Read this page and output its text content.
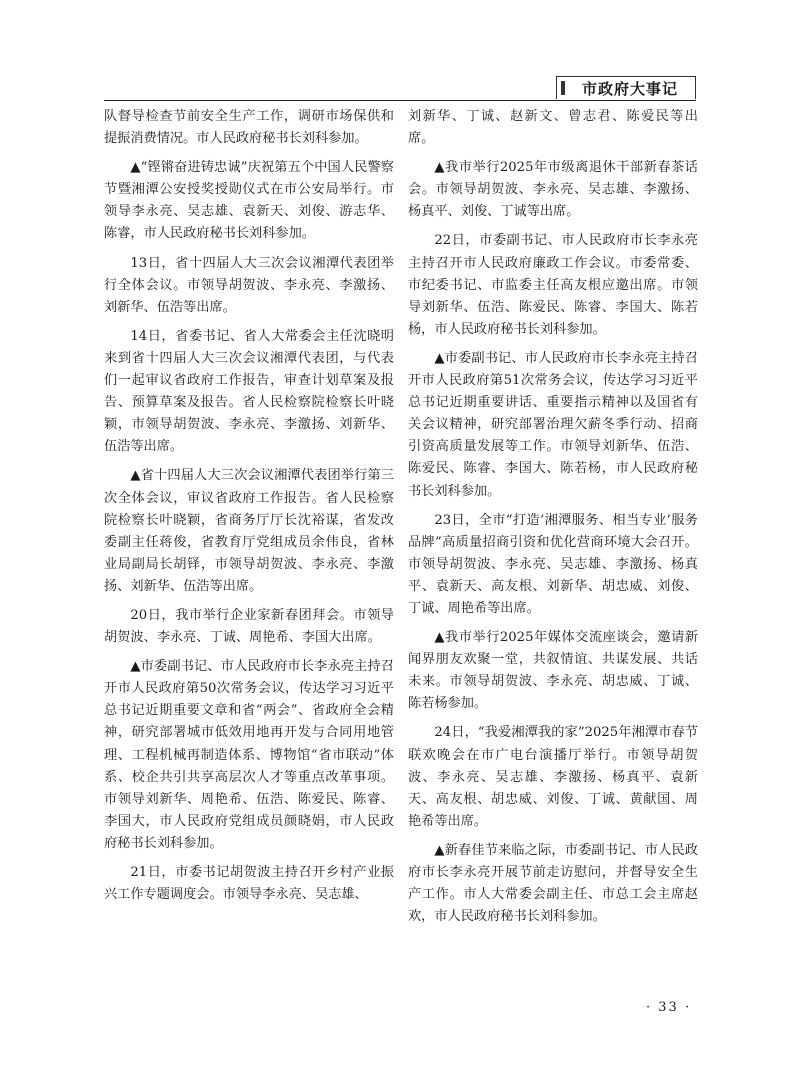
市政府大事记

队督导检查节前安全生产工作，调研市场保供和提振消费情况。市人民政府秘书长刘科参加。

▲“铿锵奋进铸忠诚”庆祝第五个中国人民警察节暨湘潭公安授奖授勋仪式在市公安局举行。市领导李永亮、吴志雄、袁新天、刘俊、游志华、陈睿，市人民政府秘书长刘科参加。

13日，省十四届人大三次会议湘潭代表团举行全体会议。市领导胡贺波、李永亮、李激扬、刘新华、伍浩等出席。

14日，省委书记、省人大常委会主任沈晓明来到省十四届人大三次会议湘潭代表团，与代表们一起审议省政府工作报告，审查计划草案及报告、预算草案及报告。省人民检察院检察长叶晓颖，市领导胡贺波、李永亮、李激扬、刘新华、伍浩等出席。

▲省十四届人大三次会议湘潭代表团举行第三次全体会议，审议省政府工作报告。省人民检察院检察长叶晓颖，省商务厅厅长沈裕谋，省发改委副主任蒋俊，省教育厅党组成员余伟良，省林业局副局长胡铎，市领导胡贺波、李永亮、李激扬、刘新华、伍浩等出席。

20日，我市举行企业家新春团拜会。市领导胡贺波、李永亮、丁诚、周艳希、李国大出席。

▲市委副书记、市人民政府市长李永亮主持召开市人民政府第50次常务会议，传达学习习近平总书记近期重要文章和省“两会”、省政府全会精神，研究部署城市低效用地再开发与合同用地管理、工程机械再制造体系、博物馆“省市联动”体系、校企共引共享高层次人才等重点改革事项。市领导刘新华、周艳希、伍浩、陈爱民、陈睿、李国大，市人民政府党组成员颜晓娟，市人民政府秘书长刘科参加。

21日，市委书记胡贺波主持召开乡村产业振兴工作专题调度会。市领导李永亮、吴志雄、

刘新华、丁诚、赵新文、曾志君、陈爱民等出席。

▲我市举行2025年市级离退休干部新春茶话会。市领导胡贺波、李永亮、吴志雄、李激扬、杨真平、刘俊、丁诚等出席。

22日，市委副书记、市人民政府市长李永亮主持召开市人民政府廉政工作会议。市委常委、市纪委书记、市监委主任高友根应邀出席。市领导刘新华、伍浩、陈爱民、陈睿、李国大、陈若杨，市人民政府秘书长刘科参加。

▲市委副书记、市人民政府市长李永亮主持召开市人民政府第51次常务会议，传达学习习近平总书记近期重要讲话、重要指示精神以及国省有关会议精神，研究部署治理欠薪冬季行动、招商引资高质量发展等工作。市领导刘新华、伍浩、陈爱民、陈睿、李国大、陈若杨，市人民政府秘书长刘科参加。

23日，全市“打造‘湘潭服务、相当专业’服务品牌”高质量招商引资和优化营商环境大会召开。市领导胡贺波、李永亮、吴志雄、李激扬、杨真平、袁新天、高友根、刘新华、胡忠威、刘俊、丁诚、周艳希等出席。

▲我市举行2025年媒体交流座谈会，邀请新闻界朋友欢聚一堂，共叙情谊、共谋发展、共话未来。市领导胡贺波、李永亮、胡忠威、丁诚、陈若杨参加。

24日，“我爱湘潭我的家”2025年湘潭市春节联欢晚会在市广电台演播厅举行。市领导胡贺波、李永亮、吴志雄、李激扬、杨真平、袁新天、高友根、胡忠威、刘俊、丁诚、黄献国、周艳希等出席。

▲新春佳节来临之际，市委副书记、市人民政府市长李永亮开展节前走访慰问，并督导安全生产工作。市人大常委会副主任、市总工会主席赵欢，市人民政府秘书长刘科参加。

· 33 ·
